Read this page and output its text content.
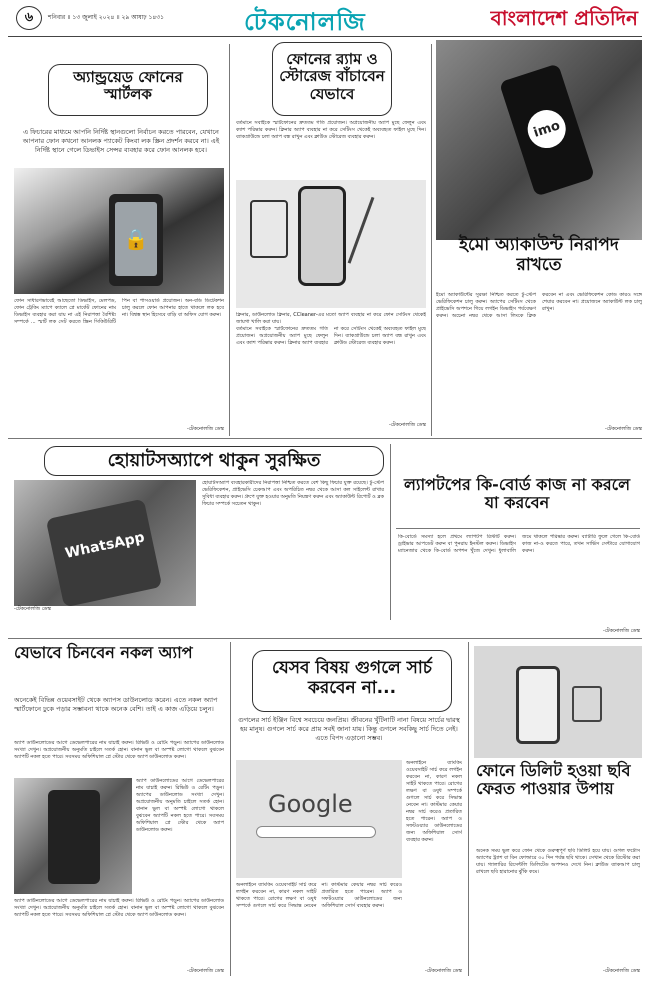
৬	শনিবার ॥ ১৩ জুলাই ২০২৪ ॥ ২৯ আষাঢ় ১৪৩১	টেকনোলজি	বাংলাদেশ প্রতিদিন
অ্যান্ড্রয়েড ফোনের স্মার্টলক
এ ফিচারের মাধ্যমে আপনি নির্দিষ্ট স্থানগুলো নির্বাচন করতে পারবেন, যেখানে আপনার ফোন কখনো আনলক প্যাকেট কিংবা লক স্ক্রিন প্রদর্শন করবে না। এই নির্দিষ্ট স্থানে গেলে ডিভাইস সেন্সর ব্যবহার করে ফোন আনলক হবে।
🔒
ফোন সাধারণভাবেই আছেতো ডিভাইস, মেলপড, ফোন ট্রেকিং ম্যাপে ক্যালে প্লে মার্কেট ফোনের নাম ডিভাইস ব্যবহার করা যায় না এই নিরাপত্তা বৈশিষ্ট্য সম্পর্কে ... স্মার্ট লক সেট করতে স্ক্রিন সিকিউরিটি পিন বা পাসওয়ার্ড প্রয়োজন। অন-বডি ডিটেকশন চালু করলে ফোন আপনার হাতে থাকলে লক হবে না। বিশ্বস্ত স্থান হিসেবে বাড়ি বা অফিস যোগ করুন।
-টেকনোলজি ডেস্ক
ফোনের র‌্যাম ও স্টোরেজ বাঁচাবেন যেভাবে
বর্তমানে সবাইকে স্মার্টফোনের দ্রুততম গতি প্রয়োজন। অপ্রয়োজনীয় অ্যাপ মুছে ফেলুন এবং ক্যাশ পরিষ্কার করুন। ক্লিনার অ্যাপ ব্যবহার না করে সেটিংস থেকেই অব্যবহৃত ফাইল মুছে দিন। ব্যাকগ্রাউন্ডে চলা অ্যাপ বন্ধ রাখুন এবং ক্লাউড স্টোরেজ ব্যবহার করুন।
ক্লিনার, ডাউনলোড ক্লিনার, CCleaner-এর মতো অ্যাপ ব্যবহার না করে ফোন সেটিংস থেকেই জায়গা খালি করা যায়।
বর্তমানে সবাইকে স্মার্টফোনের দ্রুততম গতি প্রয়োজন। অপ্রয়োজনীয় অ্যাপ মুছে ফেলুন এবং ক্যাশ পরিষ্কার করুন। ক্লিনার অ্যাপ ব্যবহার না করে সেটিংস থেকেই অব্যবহৃত ফাইল মুছে দিন। ব্যাকগ্রাউন্ডে চলা অ্যাপ বন্ধ রাখুন এবং ক্লাউড স্টোরেজ ব্যবহার করুন।
-টেকনোলজি ডেস্ক
imo
ইমো অ্যাকাউন্ট নিরাপদ রাখতে
ইমো অ্যাকাউন্টের সুরক্ষা নিশ্চিত করতে টু-স্টেপ ভেরিফিকেশন চালু করুন। অ্যাপের সেটিংস থেকে প্রাইভেসি অপশনে গিয়ে লগইন ডিভাইস পর্যবেক্ষণ করুন। অচেনা নম্বর থেকে আসা লিংকে ক্লিক করবেন না এবং ভেরিফিকেশন কোড কারও সঙ্গে শেয়ার করবেন না। প্রয়োজনে অ্যাকাউন্ট লক চালু রাখুন।
-টেকনোলজি ডেস্ক
হোয়াটসঅ্যাপে থাকুন সুরক্ষিত
WhatsApp
হোয়াটসঅ্যাপ ব্যবহারকারীদের নিরাপত্তা নিশ্চিত করতে বেশ কিছু ফিচার যুক্ত রয়েছে। টু-স্টেপ ভেরিফিকেশন, প্রাইভেসি চেকআপ এবং অপরিচিত নম্বর থেকে আসা কল সাইলেন্ট রাখার সুবিধা ব্যবহার করুন। গ্রুপে যুক্ত হওয়ার অনুমতি নিয়ন্ত্রণ করুন এবং অ্যাকাউন্ট রিপোর্ট ও ব্লক ফিচার সম্পর্কে সচেতন থাকুন।
-টেকনোলজি ডেস্ক
ল্যাপটপের কি-বোর্ড কাজ না করলে যা করবেন
কি-বোর্ডে সমস্যা হলে প্রথমে ল্যাপটপ রিস্টার্ট করুন। ড্রাইভার আপডেট করুন বা পুনরায় ইনস্টল করুন। ডিভাইস ম্যানেজার থেকে কি-বোর্ড অপশন খুঁজে দেখুন। ধুলাবালি জমে থাকলে পরিষ্কার করুন। ব্যাটারি ফুলে গেলে কি-বোর্ড কাজ না-ও করতে পারে, তখন সার্ভিস সেন্টারে যোগাযোগ করুন।
-টেকনোলজি ডেস্ক
যেভাবে চিনবেন নকল অ্যাপ
অনেকেই বিভিন্ন ওয়েবসাইট থেকে অ্যাপস ডাউনলোড করেন। এতে নকল অ্যাপ স্মার্টফোনে ঢুকে পড়ার সম্ভাবনা থাকে অনেক বেশি। তাই এ কাজ এড়িয়ে চলুন।
অ্যাপ ডাউনলোডের আগে ডেভেলপারের নাম যাচাই করুন। রিভিউ ও রেটিং পড়ুন। অ্যাপের ডাউনলোড সংখ্যা দেখুন। অপ্রয়োজনীয় অনুমতি চাইলে সতর্ক হোন। বানান ভুল বা অস্পষ্ট লোগো থাকলে বুঝবেন অ্যাপটি নকল হতে পারে। সবসময় অফিশিয়াল প্লে স্টোর থেকে অ্যাপ ডাউনলোড করুন।
অ্যাপ ডাউনলোডের আগে ডেভেলপারের নাম যাচাই করুন। রিভিউ ও রেটিং পড়ুন। অ্যাপের ডাউনলোড সংখ্যা দেখুন। অপ্রয়োজনীয় অনুমতি চাইলে সতর্ক হোন। বানান ভুল বা অস্পষ্ট লোগো থাকলে বুঝবেন অ্যাপটি নকল হতে পারে। সবসময় অফিশিয়াল প্লে স্টোর থেকে অ্যাপ ডাউনলোড করুন।
অ্যাপ ডাউনলোডের আগে ডেভেলপারের নাম যাচাই করুন। রিভিউ ও রেটিং পড়ুন। অ্যাপের ডাউনলোড সংখ্যা দেখুন। অপ্রয়োজনীয় অনুমতি চাইলে সতর্ক হোন। বানান ভুল বা অস্পষ্ট লোগো থাকলে বুঝবেন অ্যাপটি নকল হতে পারে। সবসময় অফিশিয়াল প্লে স্টোর থেকে অ্যাপ ডাউনলোড করুন।
-টেকনোলজি ডেস্ক
যেসব বিষয় গুগলে সার্চ করবেন না...
গুগলের সার্চ ইঞ্জিন বিশ্বে সবচেয়ে জনপ্রিয়। জীবনের খুঁটিনাটি নানা বিষয়ে সার্চের দ্বারস্থ হয় মানুষ। গুগলে সার্চ করে প্রায় সবই জানা যায়। কিন্তু গুগলে সবকিছু সার্চ দিতে নেই। এতে বিপদ এড়ানো সম্ভব।
Google
অনলাইনে ব্যাংকিং ওয়েবসাইট সার্চ করে লগইন করবেন না, কারণ নকল সাইট থাকতে পারে। রোগের লক্ষণ বা ওষুধ সম্পর্কে গুগলে সার্চ করে সিদ্ধান্ত নেবেন না। কাস্টমার কেয়ার নম্বর সার্চ করেও প্রতারিত হতে পারেন। অ্যাপ ও সফটওয়্যার ডাউনলোডের জন্য অফিশিয়াল সোর্স ব্যবহার করুন।
অনলাইনে ব্যাংকিং ওয়েবসাইট সার্চ করে লগইন করবেন না, কারণ নকল সাইট থাকতে পারে। রোগের লক্ষণ বা ওষুধ সম্পর্কে গুগলে সার্চ করে সিদ্ধান্ত নেবেন না। কাস্টমার কেয়ার নম্বর সার্চ করেও প্রতারিত হতে পারেন। অ্যাপ ও সফটওয়্যার ডাউনলোডের জন্য অফিশিয়াল সোর্স ব্যবহার করুন।
-টেকনোলজি ডেস্ক
ফোনে ডিলিট হওয়া ছবি ফেরত পাওয়ার উপায়
অনেক সময় ভুল করে ফোন থেকে গুরুত্বপূর্ণ ছবি ডিলিট হয়ে যায়। গুগল ফটোস অ্যাপের ট্র্যাশ বা বিন ফোল্ডারে ৩০ দিন পর্যন্ত ছবি থাকে। সেখান থেকে রিস্টোর করা যায়। গ্যালারির রিসেন্টলি ডিলিটেড অপশনও দেখে নিন। ক্লাউড ব্যাকআপ চালু রাখলে ছবি হারানোর ঝুঁকি কমে।
-টেকনোলজি ডেস্ক
